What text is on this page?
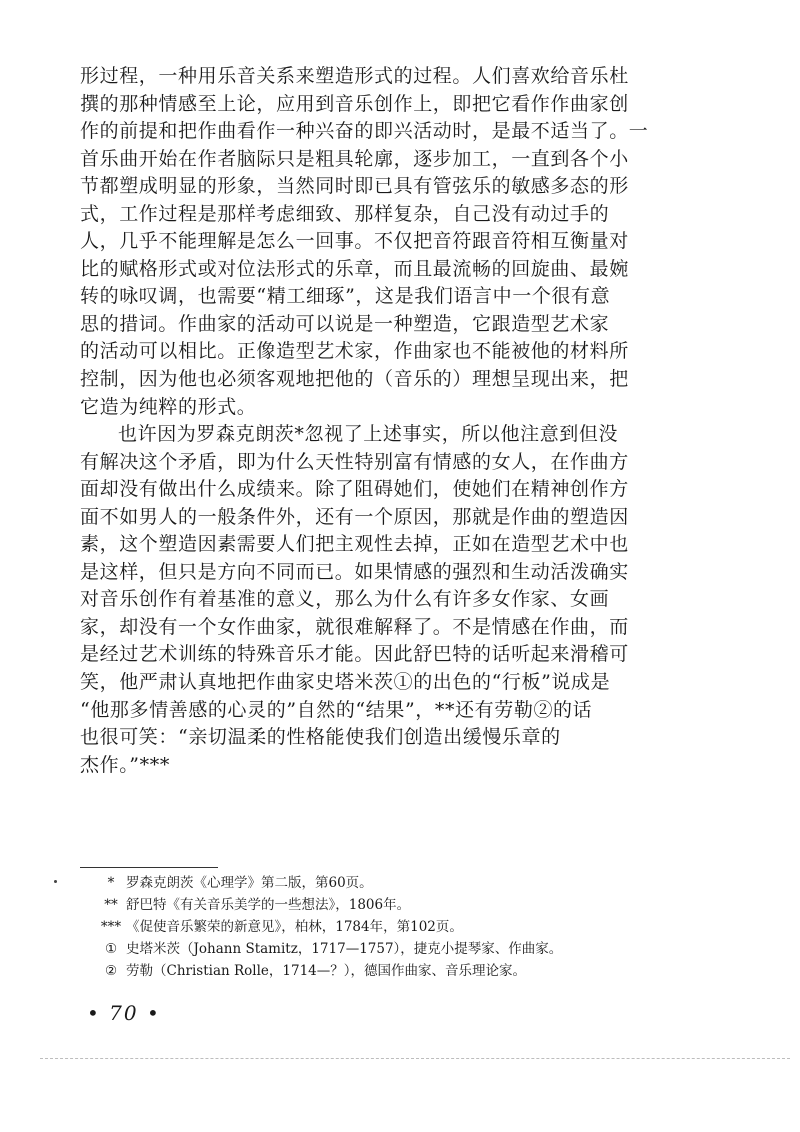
形过程，一种用乐音关系来塑造形式的过程。人们喜欢给音乐杜
撰的那种情感至上论，应用到音乐创作上，即把它看作作曲家创
作的前提和把作曲看作一种兴奋的即兴活动时，是最不适当了。一
首乐曲开始在作者脑际只是粗具轮廓，逐步加工，一直到各个小
节都塑成明显的形象，当然同时即已具有管弦乐的敏感多态的形
式，工作过程是那样考虑细致、那样复杂，自己没有动过手的
人，几乎不能理解是怎么一回事。不仅把音符跟音符相互衡量对
比的赋格形式或对位法形式的乐章，而且最流畅的回旋曲、最婉
转的咏叹调，也需要“精工细琢”，这是我们语言中一个很有意
思的措词。作曲家的活动可以说是一种塑造，它跟造型艺术家
的活动可以相比。正像造型艺术家，作曲家也不能被他的材料所
控制，因为他也必须客观地把他的（音乐的）理想呈现出来，把
它造为纯粹的形式。
也许因为罗森克朗茨*忽视了上述事实，所以他注意到但没
有解决这个矛盾，即为什么天性特别富有情感的女人，在作曲方
面却没有做出什么成绩来。除了阻碍她们，使她们在精神创作方
面不如男人的一般条件外，还有一个原因，那就是作曲的塑造因
素，这个塑造因素需要人们把主观性去掉，正如在造型艺术中也
是这样，但只是方向不同而已。如果情感的强烈和生动活泼确实
对音乐创作有着基准的意义，那么为什么有许多女作家、女画
家，却没有一个女作曲家，就很难解释了。不是情感在作曲，而
是经过艺术训练的特殊音乐才能。因此舒巴特的话听起来滑稽可
笑，他严肃认真地把作曲家史塔米茨①的出色的“行板”说成是
“他那多情善感的心灵的”自然的“结果”，**还有劳勒②的话
也很可笑：“亲切温柔的性格能使我们创造出缓慢乐章的
杰作。”***
* 罗森克朗茨《心理学》第二版，第60页。
** 舒巴特《有关音乐美学的一些想法》，1806年。
*** 《促使音乐繁荣的新意见》，柏林，1784年，第102页。
① 史塔米茨（Johann Stamitz，1717—1757），捷克小提琴家、作曲家。
② 劳勒（Christian Rolle，1714—？），德国作曲家、音乐理论家。
• 70 •
